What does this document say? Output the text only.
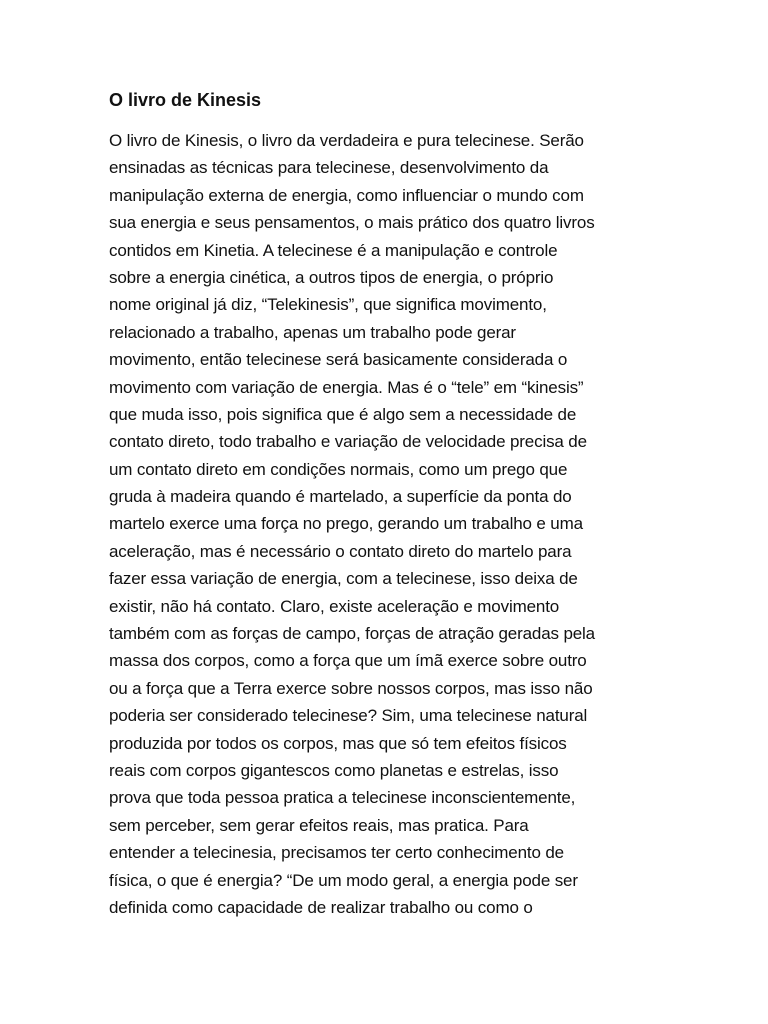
O livro de Kinesis
O livro de Kinesis, o livro da verdadeira e pura telecinese. Serão
ensinadas as técnicas para telecinese, desenvolvimento da
manipulação externa de energia, como influenciar o mundo com
sua energia e seus pensamentos, o mais prático dos quatro livros
contidos em Kinetia. A telecinese é a manipulação e controle
sobre a energia cinética, a outros tipos de energia, o próprio
nome original já diz, “Telekinesis”, que significa movimento,
relacionado a trabalho, apenas um trabalho pode gerar
movimento, então telecinese será basicamente considerada o
movimento com variação de energia. Mas é o “tele” em “kinesis”
que muda isso, pois significa que é algo sem a necessidade de
contato direto, todo trabalho e variação de velocidade precisa de
um contato direto em condições normais, como um prego que
gruda à madeira quando é martelado, a superfície da ponta do
martelo exerce uma força no prego, gerando um trabalho e uma
aceleração, mas é necessário o contato direto do martelo para
fazer essa variação de energia, com a telecinese, isso deixa de
existir, não há contato. Claro, existe aceleração e movimento
também com as forças de campo, forças de atração geradas pela
massa dos corpos, como a força que um ímã exerce sobre outro
ou a força que a Terra exerce sobre nossos corpos, mas isso não
poderia ser considerado telecinese? Sim, uma telecinese natural
produzida por todos os corpos, mas que só tem efeitos físicos
reais com corpos gigantescos como planetas e estrelas, isso
prova que toda pessoa pratica a telecinese inconscientemente,
sem perceber, sem gerar efeitos reais, mas pratica. Para
entender a telecinesia, precisamos ter certo conhecimento de
física, o que é energia? “De um modo geral, a energia pode ser
definida como capacidade de realizar trabalho ou como o
